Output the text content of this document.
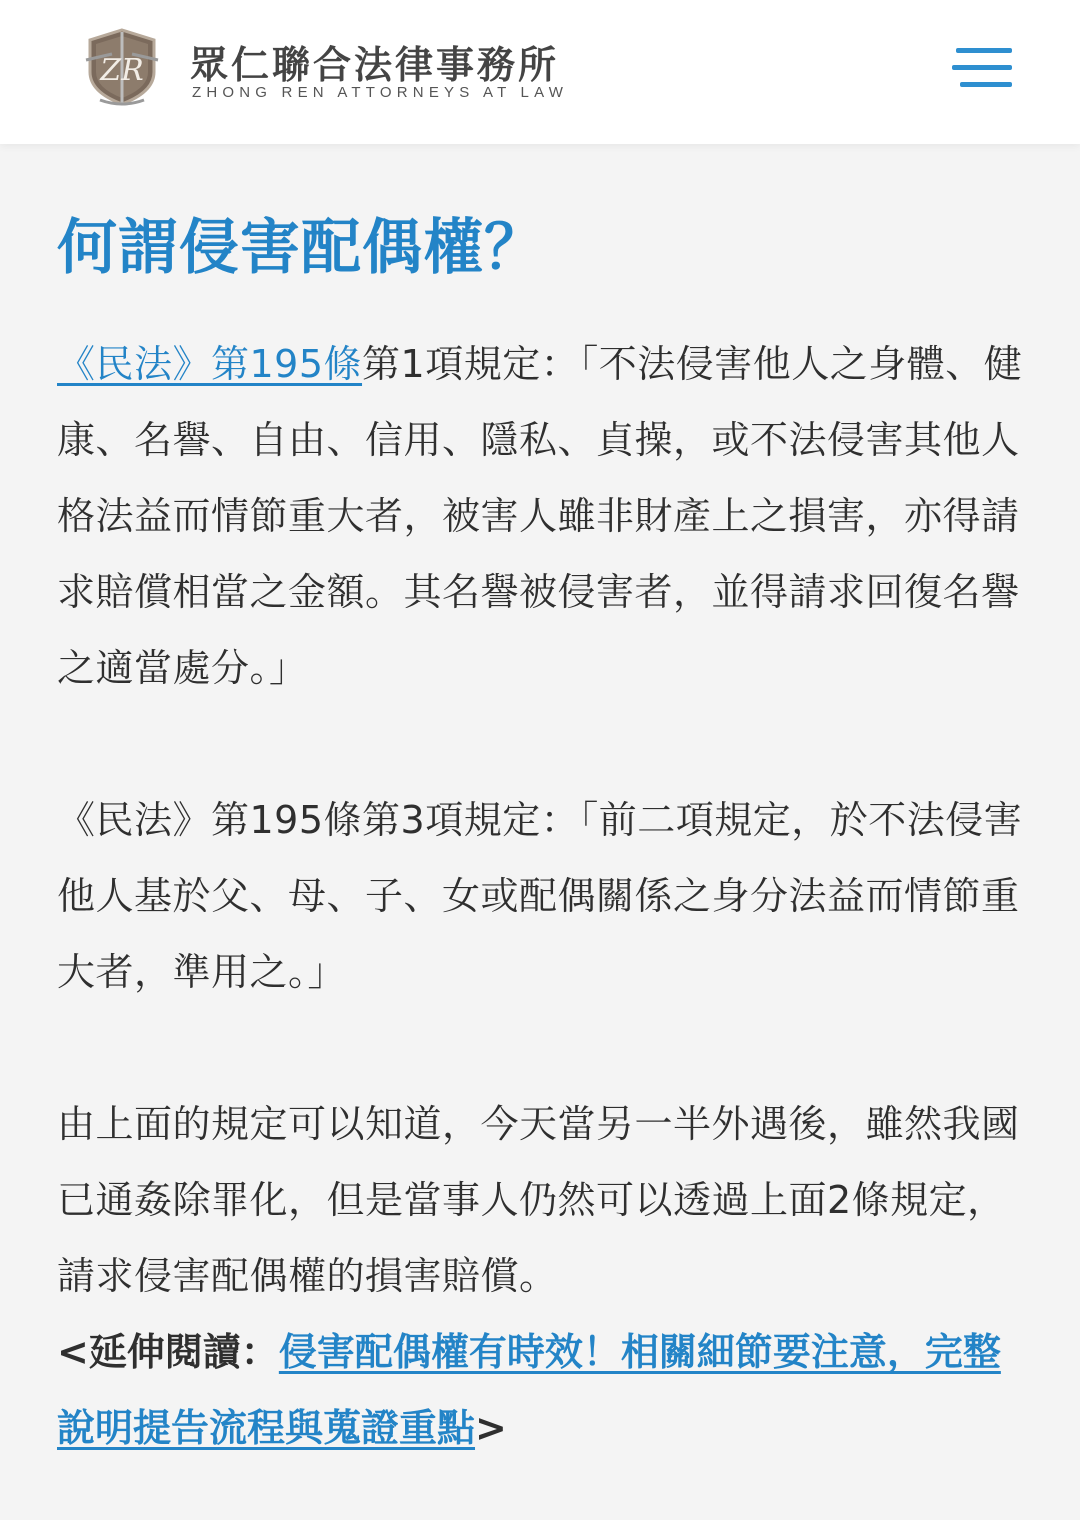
ZR 眾仁聯合法律事務所
ZHONG REN ATTORNEYS AT LAW
何謂侵害配偶權？

《民法》第195條第1項規定：「不法侵害他人之身體、健康、名譽、自由、信用、隱私、貞操，或不法侵害其他人格法益而情節重大者，被害人雖非財產上之損害，亦得請求賠償相當之金額。其名譽被侵害者，並得請求回復名譽之適當處分。」

《民法》第195條第3項規定：「前二項規定，於不法侵害他人基於父、母、子、女或配偶關係之身分法益而情節重大者，準用之。」

由上面的規定可以知道，今天當另一半外遇後，雖然我國已通姦除罪化，但是當事人仍然可以透過上面2條規定，請求侵害配偶權的損害賠償。

<延伸閱讀：侵害配偶權有時效！相關細節要注意，完整說明提告流程與蒐證重點>
